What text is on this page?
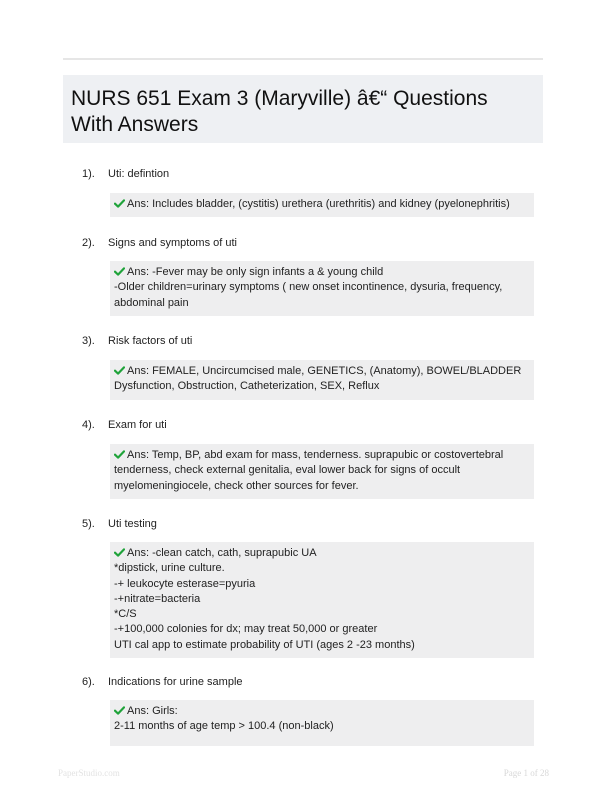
NURS 651 Exam 3 (Maryville) â€“ Questions With Answers
1). Uti: defintion
Ans: Includes bladder, (cystitis) urethera (urethritis) and kidney (pyelonephritis)
2). Signs and symptoms of uti
Ans: -Fever may be only sign infants a & young child
-Older children=urinary symptoms ( new onset incontinence, dysuria, frequency,
abdominal pain
3). Risk factors of uti
Ans: FEMALE, Uncircumcised male, GENETICS, (Anatomy), BOWEL/BLADDER
Dysfunction, Obstruction, Catheterization, SEX, Reflux
4). Exam for uti
Ans: Temp, BP, abd exam for mass, tenderness. suprapubic or costovertebral
tenderness, check external genitalia, eval lower back for signs of occult
myelomeningiocele, check other sources for fever.
5). Uti testing
Ans: -clean catch, cath, suprapubic UA
*dipstick, urine culture.
-+ leukocyte esterase=pyuria
-+nitrate=bacteria
*C/S
-+100,000 colonies for dx; may treat 50,000 or greater
UTI cal app to estimate probability of UTI (ages 2 -23 months)
6). Indications for urine sample
Ans: Girls:
2-11 months of age temp > 100.4 (non-black)
PaperStudio.com	Page 1 of 28
